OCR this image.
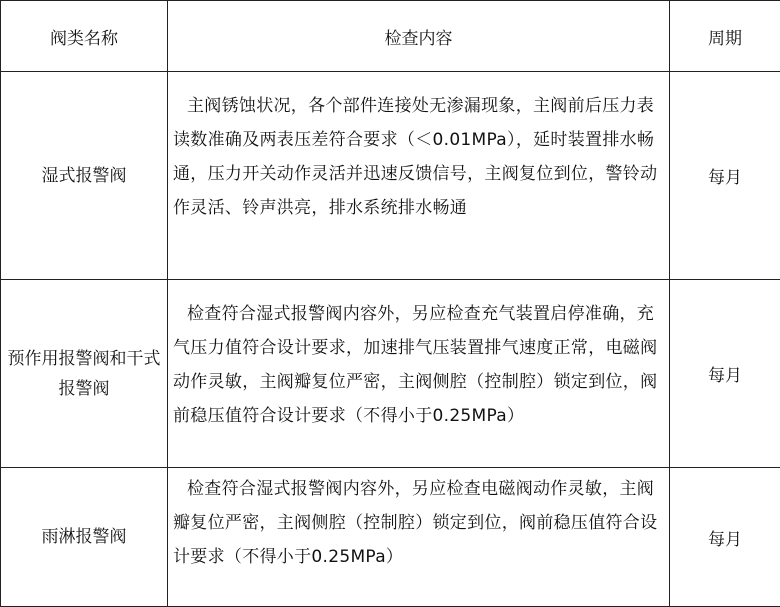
阀类名称	检查内容	周期
湿式报警阀	主阀锈蚀状况，各个部件连接处无渗漏现象，主阀前后压力表读数准确及两表压差符合要求（＜0.01MPa），延时装置排水畅通，压力开关动作灵活并迅速反馈信号，主阀复位到位，警铃动作灵活、铃声洪亮，排水系统排水畅通	每月
预作用报警阀和干式报警阀	检查符合湿式报警阀内容外，另应检查充气装置启停准确，充气压力值符合设计要求，加速排气压装置排气速度正常，电磁阀动作灵敏，主阀瓣复位严密，主阀侧腔（控制腔）锁定到位，阀前稳压值符合设计要求（不得小于0.25MPa）	每月
雨淋报警阀	检查符合湿式报警阀内容外，另应检查电磁阀动作灵敏，主阀瓣复位严密，主阀侧腔（控制腔）锁定到位，阀前稳压值符合设计要求（不得小于0.25MPa）	每月
